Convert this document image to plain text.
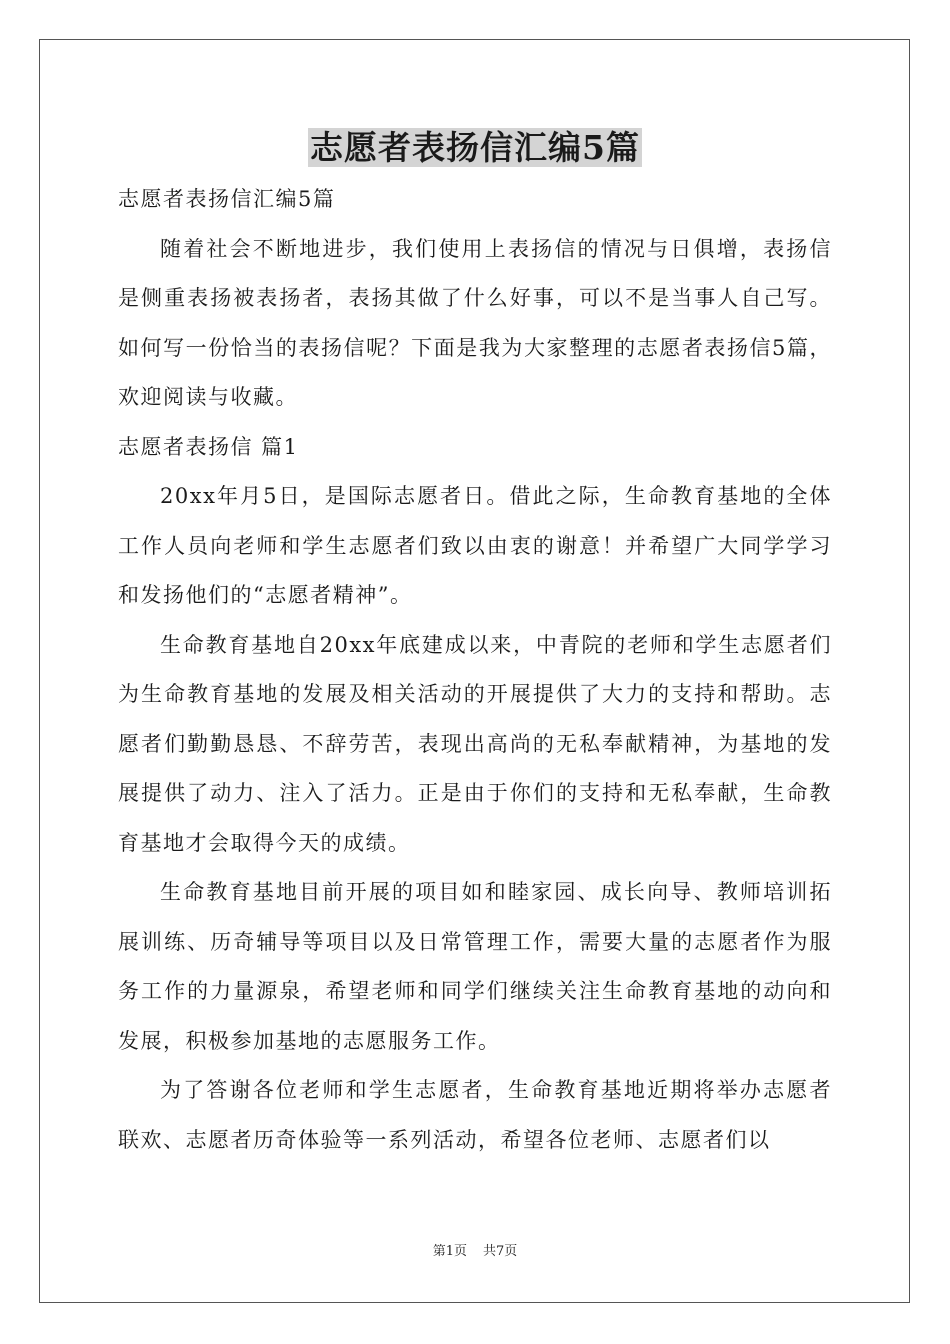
志愿者表扬信汇编5篇

志愿者表扬信汇编5篇

随着社会不断地进步，我们使用上表扬信的情况与日俱增，表扬信是侧重表扬被表扬者，表扬其做了什么好事，可以不是当事人自己写。如何写一份恰当的表扬信呢？下面是我为大家整理的志愿者表扬信5篇，欢迎阅读与收藏。

志愿者表扬信 篇1

20xx年月5日，是国际志愿者日。借此之际，生命教育基地的全体工作人员向老师和学生志愿者们致以由衷的谢意！并希望广大同学学习和发扬他们的“志愿者精神”。

生命教育基地自20xx年底建成以来，中青院的老师和学生志愿者们为生命教育基地的发展及相关活动的开展提供了大力的支持和帮助。志愿者们勤勤恳恳、不辞劳苦，表现出高尚的无私奉献精神，为基地的发展提供了动力、注入了活力。正是由于你们的支持和无私奉献，生命教育基地才会取得今天的成绩。

生命教育基地目前开展的项目如和睦家园、成长向导、教师培训拓展训练、历奇辅导等项目以及日常管理工作，需要大量的志愿者作为服务工作的力量源泉，希望老师和同学们继续关注生命教育基地的动向和发展，积极参加基地的志愿服务工作。

为了答谢各位老师和学生志愿者，生命教育基地近期将举办志愿者联欢、志愿者历奇体验等一系列活动，希望各位老师、志愿者们以

第1页 共7页
